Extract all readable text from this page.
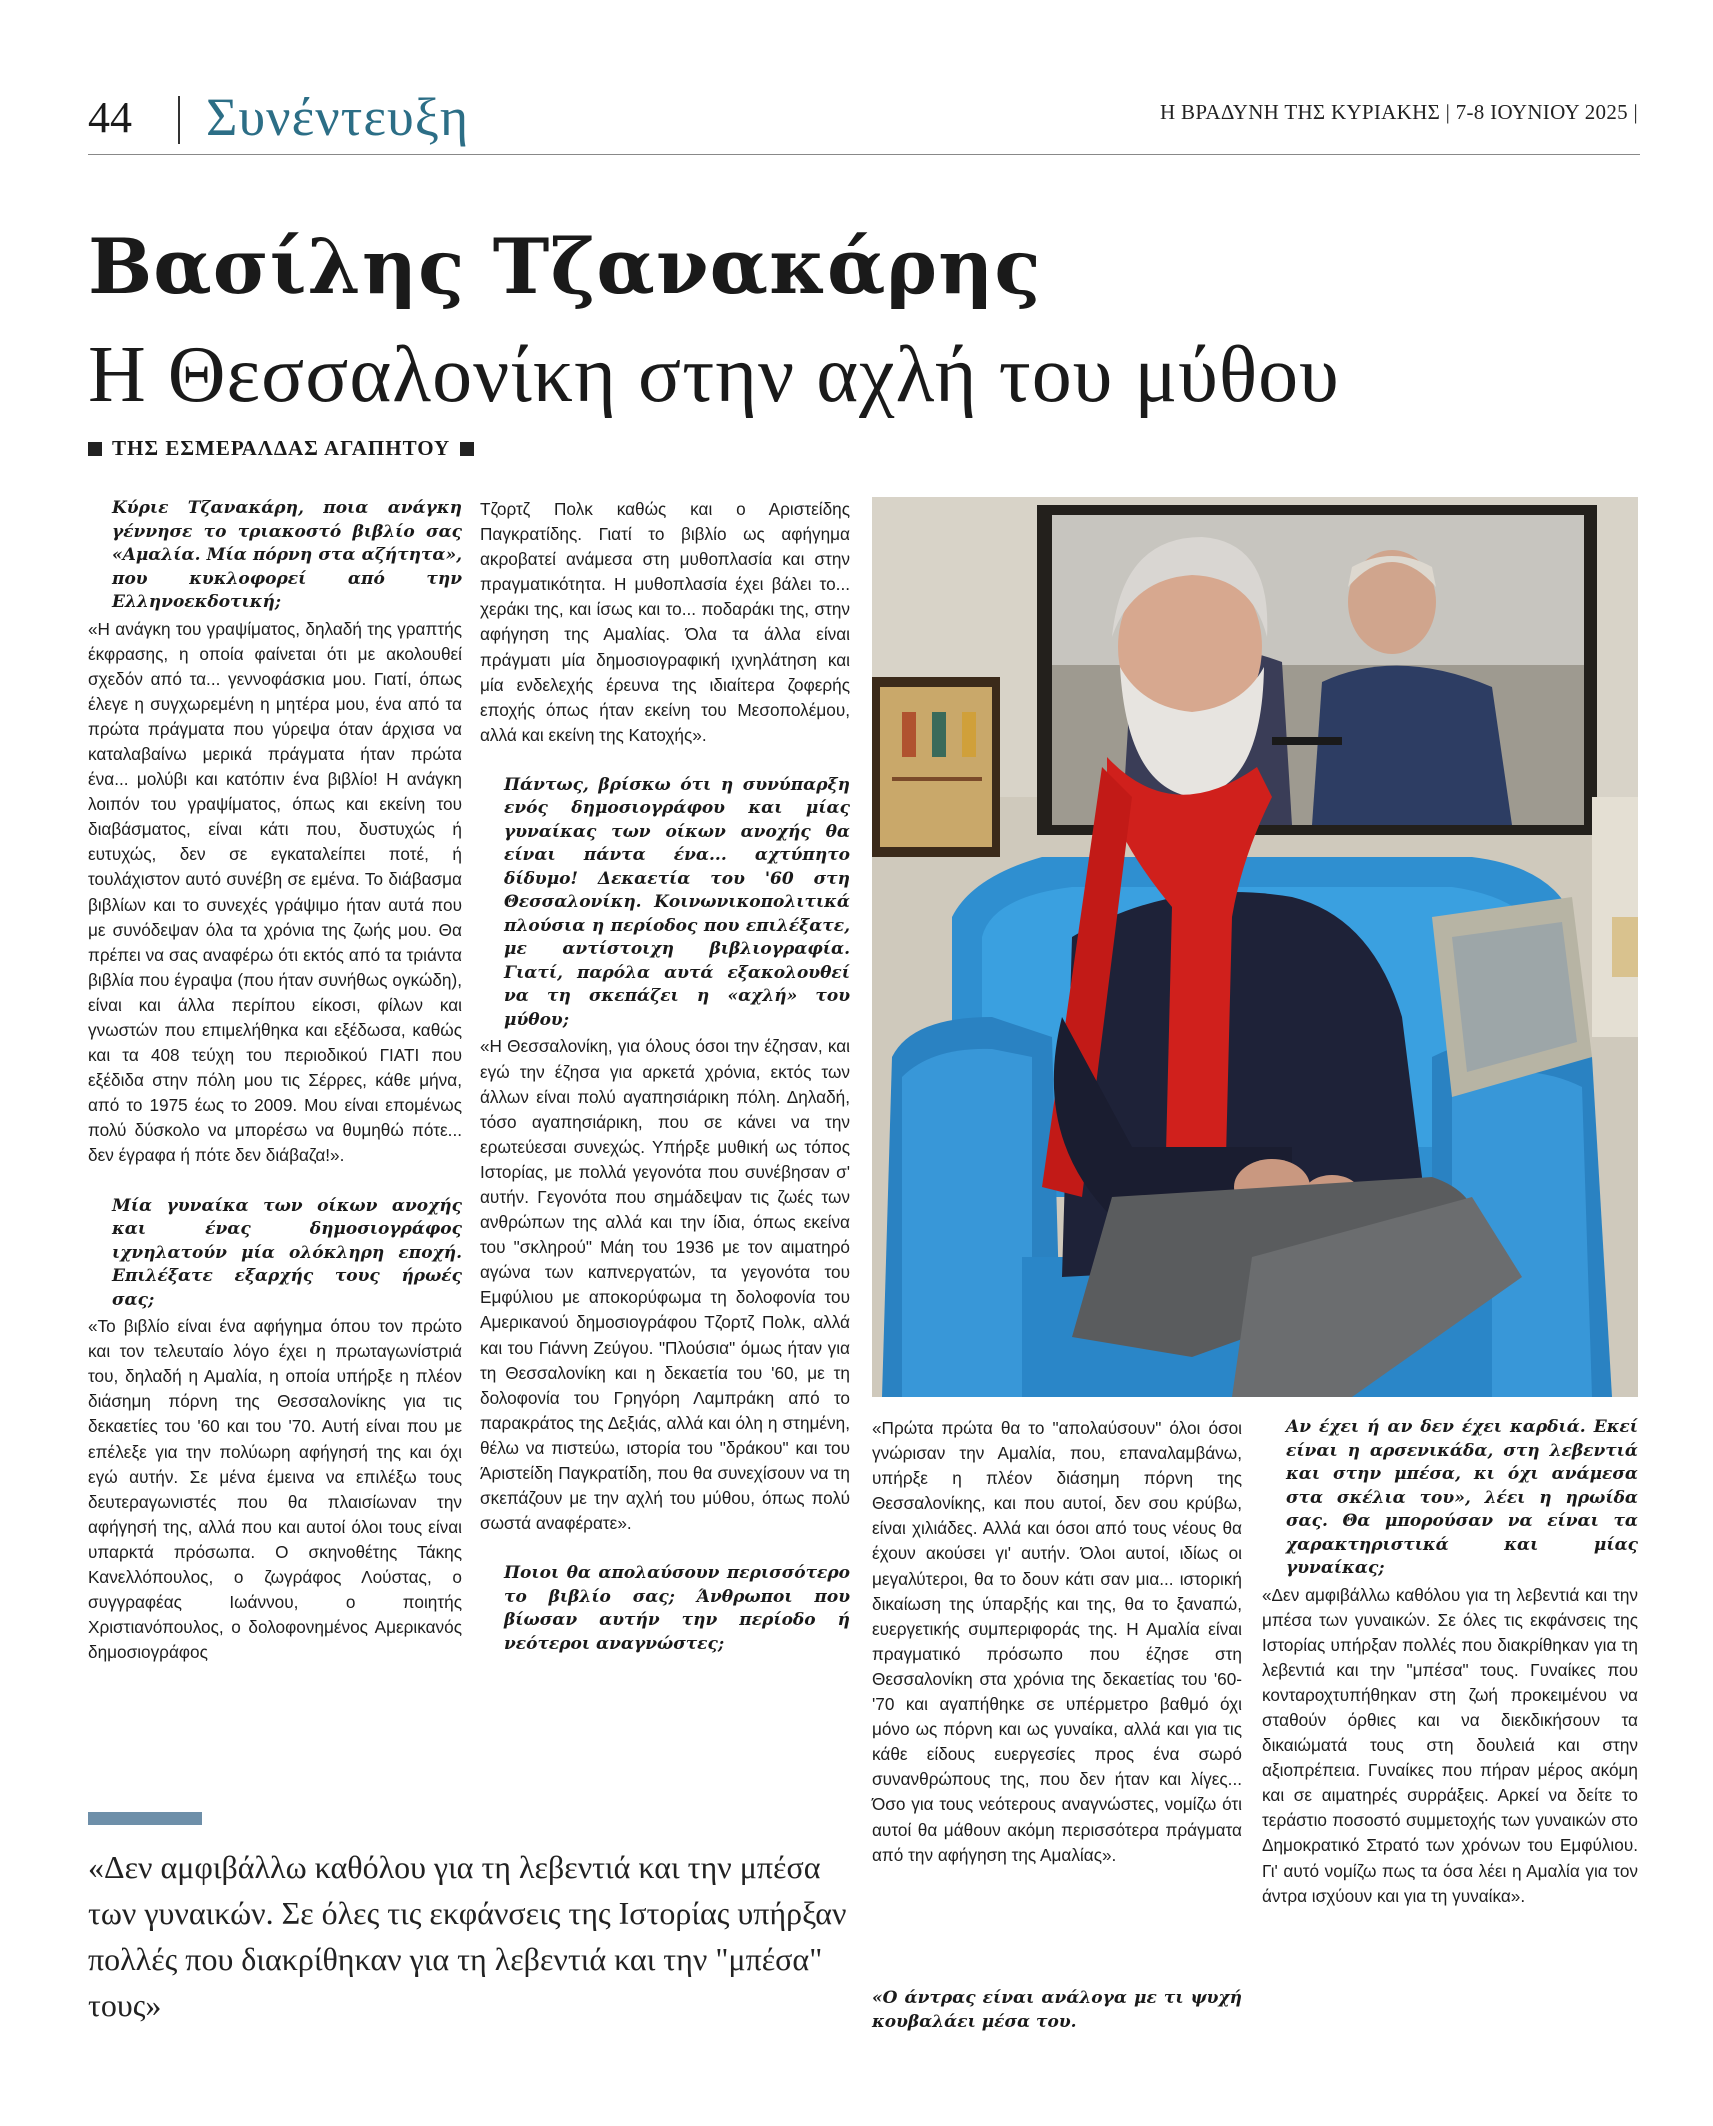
44 Συνέντευξη	Η ΒΡΑΔΥΝΗ ΤΗΣ ΚΥΡΙΑΚΗΣ | 7-8 ΙΟΥΝΙΟΥ 2025 |
Βασίλης Τζανακάρης
Η Θεσσαλονίκη στην αχλή του μύθου
ΤΗΣ ΕΣΜΕΡΑΛΔΑΣ ΑΓΑΠΗΤΟΥ

Κύριε Τζανακάρη, ποια ανάγκη γέννησε το τριακοστό βιβλίο σας «Αμαλία. Μία πόρνη στα αζήτητα», που κυκλοφορεί από την Ελληνοεκδοτική;

«Η ανάγκη του γραψίματος, δηλαδή της γραπτής έκφρασης, η οποία φαίνεται ότι με ακολουθεί σχεδόν από τα... γεννοφάσκια μου. Γιατί, όπως έλεγε η συγχωρεμένη η μητέρα μου, ένα από τα πρώτα πράγματα που γύρεψα όταν άρχισα να καταλαβαίνω μερικά πράγματα ήταν πρώτα ένα... μολύβι και κατόπιν ένα βιβλίο! Η ανάγκη λοιπόν του γραψίματος, όπως και εκείνη του διαβάσματος, είναι κάτι που, δυστυχώς ή ευτυχώς, δεν σε εγκαταλείπει ποτέ, ή τουλάχιστον αυτό συνέβη σε εμένα. Το διάβασμα βιβλίων και το συνεχές γράψιμο ήταν αυτά που με συνόδεψαν όλα τα χρόνια της ζωής μου. Θα πρέπει να σας αναφέρω ότι εκτός από τα τριάντα βιβλία που έγραψα (που ήταν συνήθως ογκώδη), είναι και άλλα περίπου είκοσι, φίλων και γνωστών που επιμελήθηκα και εξέδωσα, καθώς και τα 408 τεύχη του περιοδικού ΓΙΑΤΙ που εξέδιδα στην πόλη μου τις Σέρρες, κάθε μήνα, από το 1975 έως το 2009. Μου είναι επομένως πολύ δύσκολο να μπορέσω να θυμηθώ πότε... δεν έγραφα ή πότε δεν διάβαζα!».

Μία γυναίκα των οίκων ανοχής και ένας δημοσιογράφος ιχνηλατούν μία ολόκληρη εποχή. Επιλέξατε εξαρχής τους ήρωές σας;

«Το βιβλίο είναι ένα αφήγημα όπου τον πρώτο και τον τελευταίο λόγο έχει η πρωταγωνίστριά του, δηλαδή η Αμαλία, η οποία υπήρξε η πλέον διάσημη πόρνη της Θεσσαλονίκης για τις δεκαετίες του '60 και του '70. Αυτή είναι που με επέλεξε για την πολύωρη αφήγησή της και όχι εγώ αυτήν. Σε μένα έμεινα να επιλέξω τους δευτεραγωνιστές που θα πλαισίωναν την αφήγησή της, αλλά που και αυτοί όλοι τους είναι υπαρκτά πρόσωπα. Ο σκηνοθέτης Τάκης Κανελλόπουλος, ο ζωγράφος Λούστας, ο συγγραφέας Ιωάννου, ο ποιητής Χριστιανόπουλος, ο δολοφονημένος Αμερικανός δημοσιογράφος

Τζορτζ Πολκ καθώς και ο Αριστείδης Παγκρατίδης. Γιατί το βιβλίο ως αφήγημα ακροβατεί ανάμεσα στη μυθοπλασία και στην πραγματικότητα. Η μυθοπλασία έχει βάλει το... χεράκι της, και ίσως και το... ποδαράκι της, στην αφήγηση της Αμαλίας. Όλα τα άλλα είναι πράγματι μία δημοσιογραφική ιχνηλάτηση και μία ενδελεχής έρευνα της ιδιαίτερα ζοφερής εποχής όπως ήταν εκείνη του Μεσοπολέμου, αλλά και εκείνη της Κατοχής».

Πάντως, βρίσκω ότι η συνύπαρξη ενός δημοσιογράφου και μίας γυναίκας των οίκων ανοχής θα είναι πάντα ένα... αχτύπητο δίδυμο! Δεκαετία του '60 στη Θεσσαλονίκη. Κοινωνικοπολιτικά πλούσια η περίοδος που επιλέξατε, με αντίστοιχη βιβλιογραφία. Γιατί, παρόλα αυτά εξακολουθεί να τη σκεπάζει η «αχλή» του μύθου;

«Η Θεσσαλονίκη, για όλους όσοι την έζησαν, και εγώ την έζησα για αρκετά χρόνια, εκτός των άλλων είναι πολύ αγαπησιάρικη πόλη. Δηλαδή, τόσο αγαπησιάρικη, που σε κάνει να την ερωτεύεσαι συνεχώς. Υπήρξε μυθική ως τόπος Ιστορίας, με πολλά γεγονότα που συνέβησαν σ' αυτήν. Γεγονότα που σημάδεψαν τις ζωές των ανθρώπων της αλλά και την ίδια, όπως εκείνα του "σκληρού" Μάη του 1936 με τον αιματηρό αγώνα των καπνεργατών, τα γεγονότα του Εμφύλιου με αποκορύφωμα τη δολοφονία του Αμερικανού δημοσιογράφου Τζορτζ Πολκ, αλλά και του Γιάννη Ζεύγου. "Πλούσια" όμως ήταν για τη Θεσσαλονίκη και η δεκαετία του '60, με τη δολοφονία του Γρηγόρη Λαμπράκη από το παρακράτος της Δεξιάς, αλλά και όλη η στημένη, θέλω να πιστεύω, ιστορία του "δράκου" και του Άριστείδη Παγκρατίδη, που θα συνεχίσουν να τη σκεπάζουν με την αχλή του μύθου, όπως πολύ σωστά αναφέρατε».

Ποιοι θα απολαύσουν περισσότερο το βιβλίο σας; Άνθρωποι που βίωσαν αυτήν την περίοδο ή νεότεροι αναγνώστες;

«Πρώτα πρώτα θα το "απολαύσουν" όλοι όσοι γνώρισαν την Αμαλία, που, επαναλαμβάνω, υπήρξε η πλέον διάσημη πόρνη της Θεσσαλονίκης, και που αυτοί, δεν σου κρύβω, είναι χιλιάδες. Αλλά και όσοι από τους νέους θα έχουν ακούσει γι' αυτήν. Όλοι αυτοί, ιδίως οι μεγαλύτεροι, θα το δουν κάτι σαν μια... ιστορική δικαίωση της ύπαρξής και της, θα το ξαναπώ, ευεργετικής συμπεριφοράς της. Η Αμαλία είναι πραγματικό πρόσωπο που έζησε στη Θεσσαλονίκη στα χρόνια της δεκαετίας του '60-'70 και αγαπήθηκε σε υπέρμετρο βαθμό όχι μόνο ως πόρνη και ως γυναίκα, αλλά και για τις κάθε είδους ευεργεσίες προς ένα σωρό συνανθρώπους της, που δεν ήταν και λίγες... Όσο για τους νεότερους αναγνώστες, νομίζω ότι αυτοί θα μάθουν ακόμη περισσότερα πράγματα από την αφήγηση της Αμαλίας».

«Ο άντρας είναι ανάλογα με τι ψυχή κουβαλάει μέσα του.

Αν έχει ή αν δεν έχει καρδιά. Εκεί είναι η αρσενικάδα, στη λεβεντιά και στην μπέσα, κι όχι ανάμεσα στα σκέλια του», λέει η ηρωίδα σας. Θα μπορούσαν να είναι τα χαρακτηριστικά και μίας γυναίκας;

«Δεν αμφιβάλλω καθόλου για τη λεβεντιά και την μπέσα των γυναικών. Σε όλες τις εκφάνσεις της Ιστορίας υπήρξαν πολλές που διακρίθηκαν για τη λεβεντιά και την "μπέσα" τους. Γυναίκες που κονταροχτυπήθηκαν στη ζωή προκειμένου να σταθούν όρθιες και να διεκδικήσουν τα δικαιώματά τους στη δουλειά και στην αξιοπρέπεια. Γυναίκες που πήραν μέρος ακόμη και σε αιματηρές συρράξεις. Αρκεί να δείτε το τεράστιο ποσοστό συμμετοχής των γυναικών στο Δημοκρατικό Στρατό των χρόνων του Εμφύλιου. Γι' αυτό νομίζω πως τα όσα λέει η Αμαλία για τον άντρα ισχύουν και για τη γυναίκα».

«Δεν αμφιβάλλω καθόλου για τη λεβεντιά και την μπέσα των γυναικών. Σε όλες τις εκφάνσεις της Ιστορίας υπήρξαν πολλές που διακρίθηκαν για τη λεβεντιά και την "μπέσα" τους»
